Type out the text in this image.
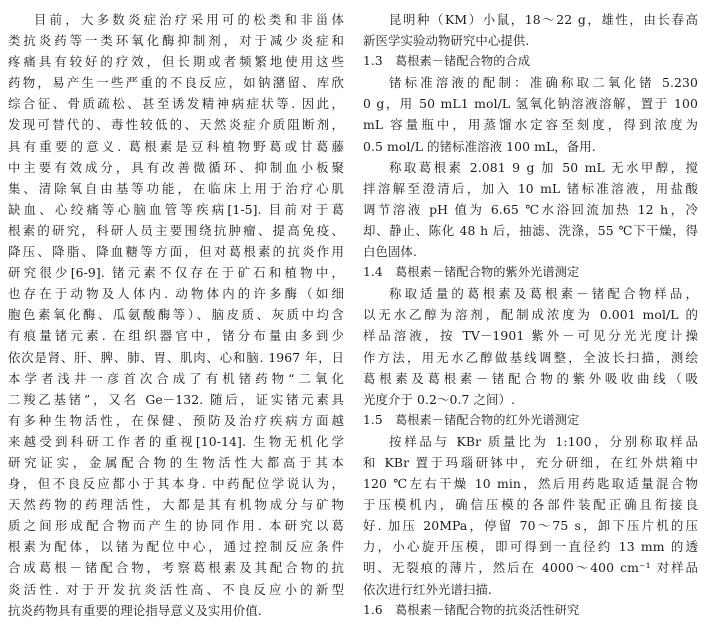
目前，大多数炎症治疗采用可的松类和非甾体
类抗炎药等一类环氧化酶抑制剂，对于减少炎症和
疼痛具有较好的疗效，但长期或者频繁地使用这些
药物，易产生一些严重的不良反应，如钠潴留、库欣
综合征、骨质疏松、甚至诱发精神病症状等. 因此，
发现可替代的、毒性较低的、天然炎症介质阻断剂，
具有重要的意义. 葛根素是豆科植物野葛或甘葛藤
中主要有效成分，具有改善微循环、抑制血小板聚
集、清除氧自由基等功能，在临床上用于治疗心肌
缺血、心绞痛等心脑血管等疾病[1-5]. 目前对于葛
根素的研究，科研人员主要围绕抗肿瘤、提高免疫、
降压、降脂、降血糖等方面，但对葛根素的抗炎作用
研究很少[6-9]. 锗元素不仅存在于矿石和植物中，
也存在于动物及人体内. 动物体内的许多酶（如细
胞色素氧化酶、瓜氨酸酶等）、脑皮质、灰质中均含
有痕量锗元素. 在组织器官中，锗分布量由多到少
依次是肾、肝、脾、肺、胃、肌肉、心和脑. 1967 年，日
本学者浅井一彦首次合成了有机锗药物“二氧化
二羧乙基锗”，又名 Ge－132. 随后，证实锗元素具
有多种生物活性，在保健、预防及治疗疾病方面越
来越受到科研工作者的重视[10-14]. 生物无机化学
研究证实，金属配合物的生物活性大都高于其本
身，但不良反应都小于其本身. 中药配位学说认为，
天然药物的药理活性，大都是其有机物成分与矿物
质之间形成配合物而产生的协同作用. 本研究以葛
根素为配体，以锗为配位中心，通过控制反应条件
合成葛根－锗配合物，考察葛根素及其配合物的抗
炎活性. 对于开发抗炎活性高、不良反应小的新型
抗炎药物具有重要的理论指导意义及实用价值.
昆明种（KM）小鼠，18～22 g，雄性，由长春高
新医学实验动物研究中心提供.
1.3　葛根素－锗配合物的合成
锗标准溶液的配制：准确称取二氧化锗 5.230
0 g，用 50 mL1 mol/L 氢氧化钠溶液溶解，置于 100
mL 容量瓶中，用蒸馏水定容至刻度，得到浓度为
0.5 mol/L 的锗标准溶液 100 mL，备用.
称取葛根素 2.081 9 g 加 50 mL 无水甲醇，搅
拌溶解至澄清后，加入 10 mL 锗标准溶液，用盐酸
调节溶液 pH 值为 6.65 ℃水浴回流加热 12 h，冷
却、静止、陈化 48 h 后，抽滤、洗涤，55 ℃下干燥，得
白色固体.
1.4　葛根素－锗配合物的紫外光谱测定
称取适量的葛根素及葛根素－锗配合物样品，
以无水乙醇为溶剂，配制成浓度为 0.001 mol/L 的
样品溶液，按 TV－1901 紫外－可见分光光度计操
作方法，用无水乙醇做基线调整，全波长扫描，测绘
葛根素及葛根素－锗配合物的紫外吸收曲线（吸
光度介于 0.2～0.7 之间）.
1.5　葛根素－锗配合物的红外光谱测定
按样品与 KBr 质量比为 1:100，分别称取样品
和 KBr 置于玛瑙研钵中，充分研细，在红外烘箱中
120 ℃左右干燥 10 min，然后用药匙取适量混合物
于压模机内，确信压模的各部件装配正确且衔接良
好. 加压 20MPa，停留 70～75 s，卸下压片机的压
力，小心旋开压模，即可得到一直径约 13 mm 的透
明、无裂痕的薄片，然后在 4000～400 cm⁻¹ 对样品
依次进行红外光谱扫描.
1.6　葛根素－锗配合物的抗炎活性研究
